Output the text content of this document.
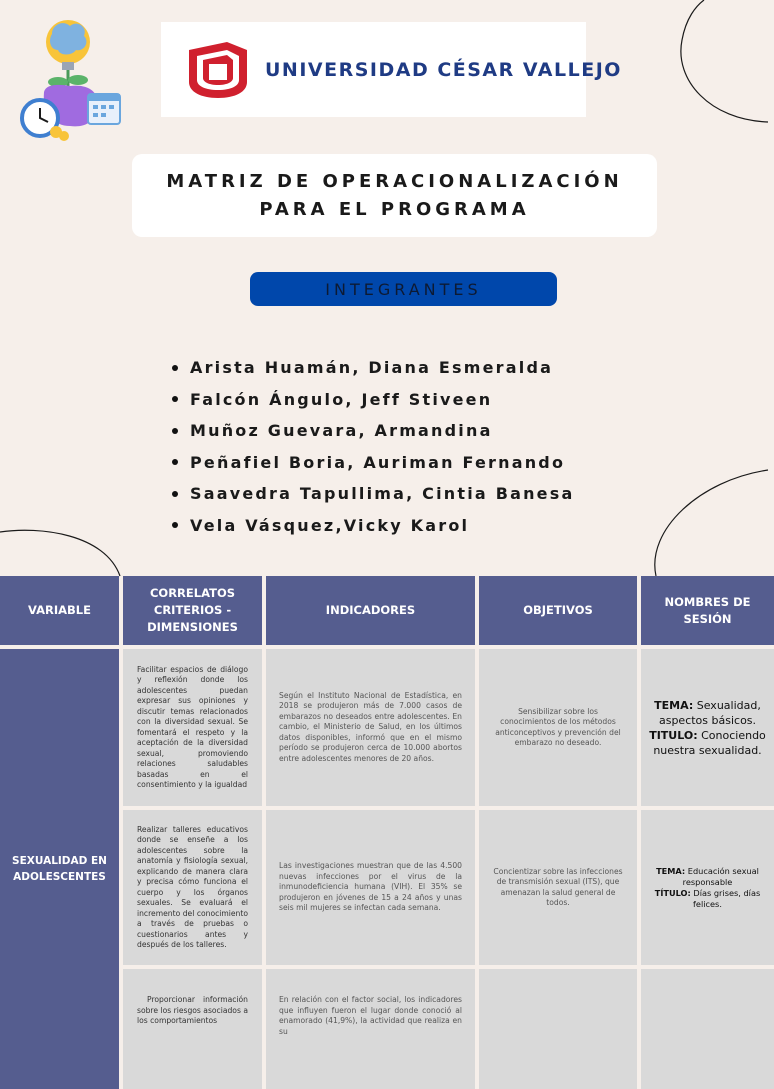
UNIVERSIDAD CÉSAR VALLEJO
MATRIZ DE OPERACIONALIZACIÓN
PARA EL PROGRAMA
INTEGRANTES
Arista Huamán, Diana Esmeralda
Falcón Ángulo, Jeff Stiveen
Muñoz Guevara, Armandina
Peñafiel Boria, Auriman Fernando
Saavedra Tapullima, Cintia Banesa
Vela Vásquez,Vicky Karol
VARIABLE
CORRELATOS CRITERIOS - DIMENSIONES
INDICADORES	OBJETIVOS
NOMBRES DE SESIÓN
SEXUALIDAD EN ADOLESCENTES
Facilitar espacios de diálogo y reflexión donde los adolescentes puedan expresar sus opiniones y discutir temas relacionados con la diversidad sexual. Se fomentará el respeto y la aceptación de la diversidad sexual, promoviendo relaciones saludables basadas en el consentimiento y la igualdad
Según el Instituto Nacional de Estadística, en 2018 se produjeron más de 7.000 casos de embarazos no deseados entre adolescentes. En cambio, el Ministerio de Salud, en los últimos datos disponibles, informó que en el mismo período se produjeron cerca de 10.000 abortos entre adolescentes menores de 20 años.
Sensibilizar sobre los conocimientos de los métodos anticonceptivos y prevención del embarazo no deseado.
TEMA: Sexualidad, aspectos básicos.
TITULO: Conociendo nuestra sexualidad.
Realizar talleres educativos donde se enseñe a los adolescentes sobre la anatomía y fisiología sexual, explicando de manera clara y precisa cómo funciona el cuerpo y los órganos sexuales. Se evaluará el incremento del conocimiento a través de pruebas o cuestionarios antes y después de los talleres.
Las investigaciones muestran que de las 4.500 nuevas infecciones por el virus de la inmunodeficiencia humana (VIH). El 35% se produjeron en jóvenes de 15 a 24 años y unas seis mil mujeres se infectan cada semana.
Concientizar sobre las infecciones de transmisión sexual (ITS), que amenazan la salud general de todos.
TEMA: Educación sexual responsable
TÍTULO: Días grises, días felices.
Proporcionar información sobre los riesgos asociados a los comportamientos
En relación con el factor social, los indicadores que influyen fueron el lugar donde conoció al enamorado (41,9%), la actividad que realiza en su
